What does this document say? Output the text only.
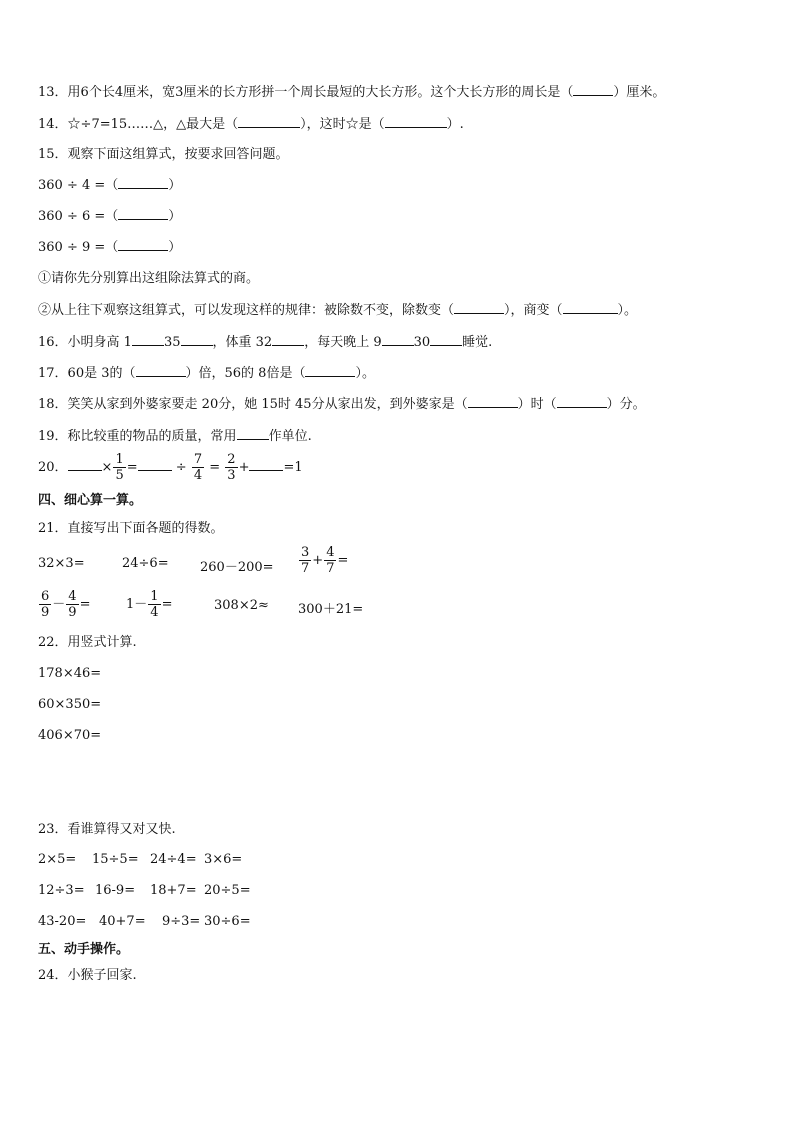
13．用6个长4厘米，宽3厘米的长方形拼一个周长最短的大长方形。这个大长方形的周长是（	）厘米。
14．☆÷7=15……△，△最大是（	），这时☆是（	）.
15．观察下面这组算式，按要求回答问题。
360 ÷ 4 =（	）
360 ÷ 6 =（	）
360 ÷ 9 =（	）
①请你先分别算出这组除法算式的商。
②从上往下观察这组算式，可以发现这样的规律：被除数不变，除数变（	），商变（	）。
16．小明身高 1 35 ，体重 32 ，每天晚上 9 30 睡觉.
17．60是 3的（	）倍，56的 8倍是（	）。
18．笑笑从家到外婆家要走 20分，她 15时 45分从家出发，到外婆家是（	）时（	）分。
19．称比较重的物品的质量，常用 作单位.
20．	× $\frac{1}{5}$ =	÷ $\frac{7}{4} = \frac{2}{3}$ +	=1
四、细心算一算。
21．直接写出下面各题的得数。
32×3=	$24\div 6= 260-200= \frac{3}{7} + \frac{4}{7}$ =
$\frac{6}{9} - \frac{4}{9}$ =	$1- \frac{1}{4}$ =	308×2≈ 300＋21=
22．用竖式计算.
178×46=
60×350=
406×70=
23．看谁算得又对又快.
2×5= 15÷5= 24÷4= 3×6=
12÷3= 16-9= 18+7= 20÷5=
43-20= 40+7= 9÷3= 30÷6=
五、动手操作。
24．小猴子回家.
